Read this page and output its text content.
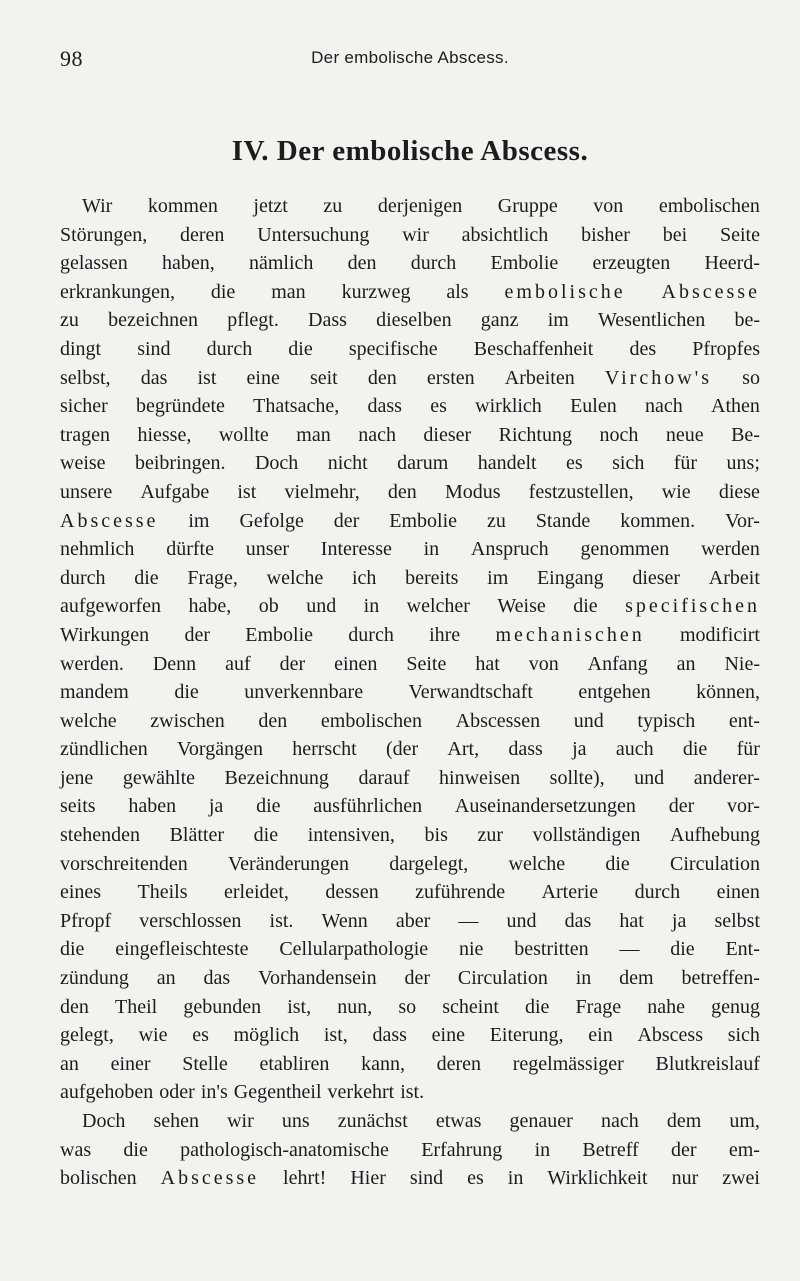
98	Der embolische Abscess.
IV. Der embolische Abscess.
Wir kommen jetzt zu derjenigen Gruppe von embolischen
Störungen, deren Untersuchung wir absichtlich bisher bei Seite
gelassen haben, nämlich den durch Embolie erzeugten Heerd-
erkrankungen, die man kurzweg als embolische Abscesse
zu bezeichnen pflegt. Dass dieselben ganz im Wesentlichen be-
dingt sind durch die specifische Beschaffenheit des Pfropfes
selbst, das ist eine seit den ersten Arbeiten Virchow's so
sicher begründete Thatsache, dass es wirklich Eulen nach Athen
tragen hiesse, wollte man nach dieser Richtung noch neue Be-
weise beibringen. Doch nicht darum handelt es sich für uns;
unsere Aufgabe ist vielmehr, den Modus festzustellen, wie diese
Abscesse im Gefolge der Embolie zu Stande kommen. Vor-
nehmlich dürfte unser Interesse in Anspruch genommen werden
durch die Frage, welche ich bereits im Eingang dieser Arbeit
aufgeworfen habe, ob und in welcher Weise die specifischen
Wirkungen der Embolie durch ihre mechanischen modificirt
werden. Denn auf der einen Seite hat von Anfang an Nie-
mandem die unverkennbare Verwandtschaft entgehen können,
welche zwischen den embolischen Abscessen und typisch ent-
zündlichen Vorgängen herrscht (der Art, dass ja auch die für
jene gewählte Bezeichnung darauf hinweisen sollte), und anderer-
seits haben ja die ausführlichen Auseinandersetzungen der vor-
stehenden Blätter die intensiven, bis zur vollständigen Aufhebung
vorschreitenden Veränderungen dargelegt, welche die Circulation
eines Theils erleidet, dessen zuführende Arterie durch einen
Pfropf verschlossen ist. Wenn aber — und das hat ja selbst
die eingefleischteste Cellularpathologie nie bestritten — die Ent-
zündung an das Vorhandensein der Circulation in dem betreffen-
den Theil gebunden ist, nun, so scheint die Frage nahe genug
gelegt, wie es möglich ist, dass eine Eiterung, ein Abscess sich
an einer Stelle etabliren kann, deren regelmässiger Blutkreislauf
aufgehoben oder in's Gegentheil verkehrt ist.
Doch sehen wir uns zunächst etwas genauer nach dem um,
was die pathologisch-anatomische Erfahrung in Betreff der em-
bolischen Abscesse lehrt! Hier sind es in Wirklichkeit nur zwei
